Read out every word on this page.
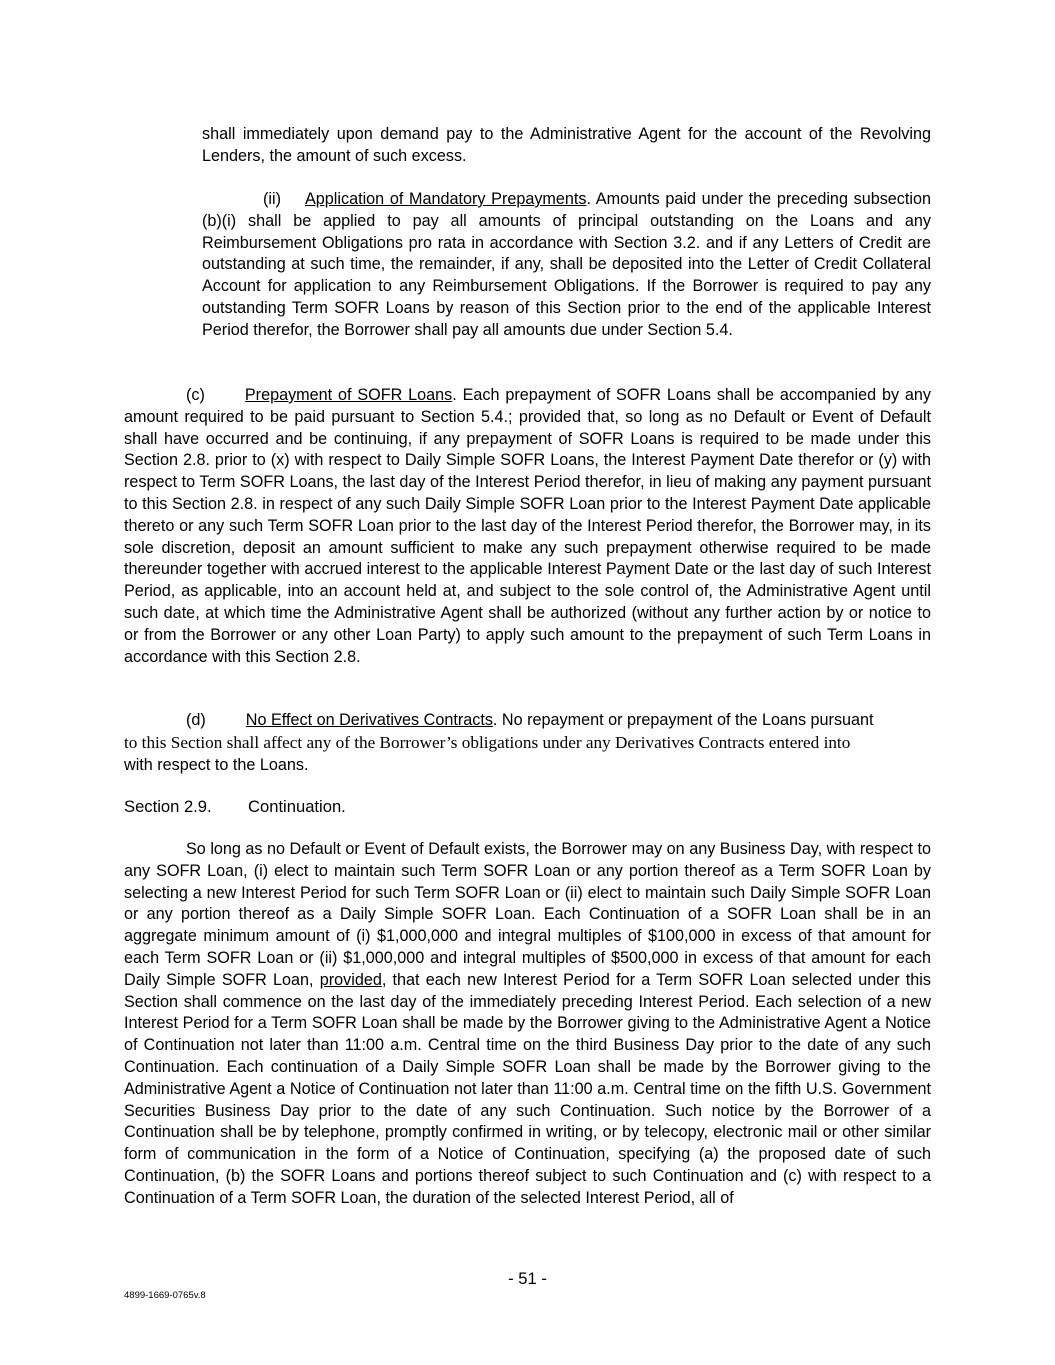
shall immediately upon demand pay to the Administrative Agent for the account of the Revolving Lenders, the amount of such excess.

(ii) Application of Mandatory Prepayments. Amounts paid under the preceding subsection (b)(i) shall be applied to pay all amounts of principal outstanding on the Loans and any Reimbursement Obligations pro rata in accordance with Section 3.2. and if any Letters of Credit are outstanding at such time, the remainder, if any, shall be deposited into the Letter of Credit Collateral Account for application to any Reimbursement Obligations. If the Borrower is required to pay any outstanding Term SOFR Loans by reason of this Section prior to the end of the applicable Interest Period therefor, the Borrower shall pay all amounts due under Section 5.4.

(c) Prepayment of SOFR Loans. Each prepayment of SOFR Loans shall be accompanied by any amount required to be paid pursuant to Section 5.4.; provided that, so long as no Default or Event of Default shall have occurred and be continuing, if any prepayment of SOFR Loans is required to be made under this Section 2.8. prior to (x) with respect to Daily Simple SOFR Loans, the Interest Payment Date therefor or (y) with respect to Term SOFR Loans, the last day of the Interest Period therefor, in lieu of making any payment pursuant to this Section 2.8. in respect of any such Daily Simple SOFR Loan prior to the Interest Payment Date applicable thereto or any such Term SOFR Loan prior to the last day of the Interest Period therefor, the Borrower may, in its sole discretion, deposit an amount sufficient to make any such prepayment otherwise required to be made thereunder together with accrued interest to the applicable Interest Payment Date or the last day of such Interest Period, as applicable, into an account held at, and subject to the sole control of, the Administrative Agent until such date, at which time the Administrative Agent shall be authorized (without any further action by or notice to or from the Borrower or any other Loan Party) to apply such amount to the prepayment of such Term Loans in accordance with this Section 2.8.

(d) No Effect on Derivatives Contracts. No repayment or prepayment of the Loans pursuant
to this Section shall affect any of the Borrower’s obligations under any Derivatives Contracts entered into
with respect to the Loans.

Section 2.9. Continuation.

So long as no Default or Event of Default exists, the Borrower may on any Business Day, with respect to any SOFR Loan, (i) elect to maintain such Term SOFR Loan or any portion thereof as a Term SOFR Loan by selecting a new Interest Period for such Term SOFR Loan or (ii) elect to maintain such Daily Simple SOFR Loan or any portion thereof as a Daily Simple SOFR Loan. Each Continuation of a SOFR Loan shall be in an aggregate minimum amount of (i) $1,000,000 and integral multiples of $100,000 in excess of that amount for each Term SOFR Loan or (ii) $1,000,000 and integral multiples of $500,000 in excess of that amount for each Daily Simple SOFR Loan, provided, that each new Interest Period for a Term SOFR Loan selected under this Section shall commence on the last day of the immediately preceding Interest Period. Each selection of a new Interest Period for a Term SOFR Loan shall be made by the Borrower giving to the Administrative Agent a Notice of Continuation not later than 11:00 a.m. Central time on the third Business Day prior to the date of any such Continuation. Each continuation of a Daily Simple SOFR Loan shall be made by the Borrower giving to the Administrative Agent a Notice of Continuation not later than 11:00 a.m. Central time on the fifth U.S. Government Securities Business Day prior to the date of any such Continuation. Such notice by the Borrower of a Continuation shall be by telephone, promptly confirmed in writing, or by telecopy, electronic mail or other similar form of communication in the form of a Notice of Continuation, specifying (a) the proposed date of such Continuation, (b) the SOFR Loans and portions thereof subject to such Continuation and (c) with respect to a Continuation of a Term SOFR Loan, the duration of the selected Interest Period, all of

- 51 -
4899-1669-0765v.8
